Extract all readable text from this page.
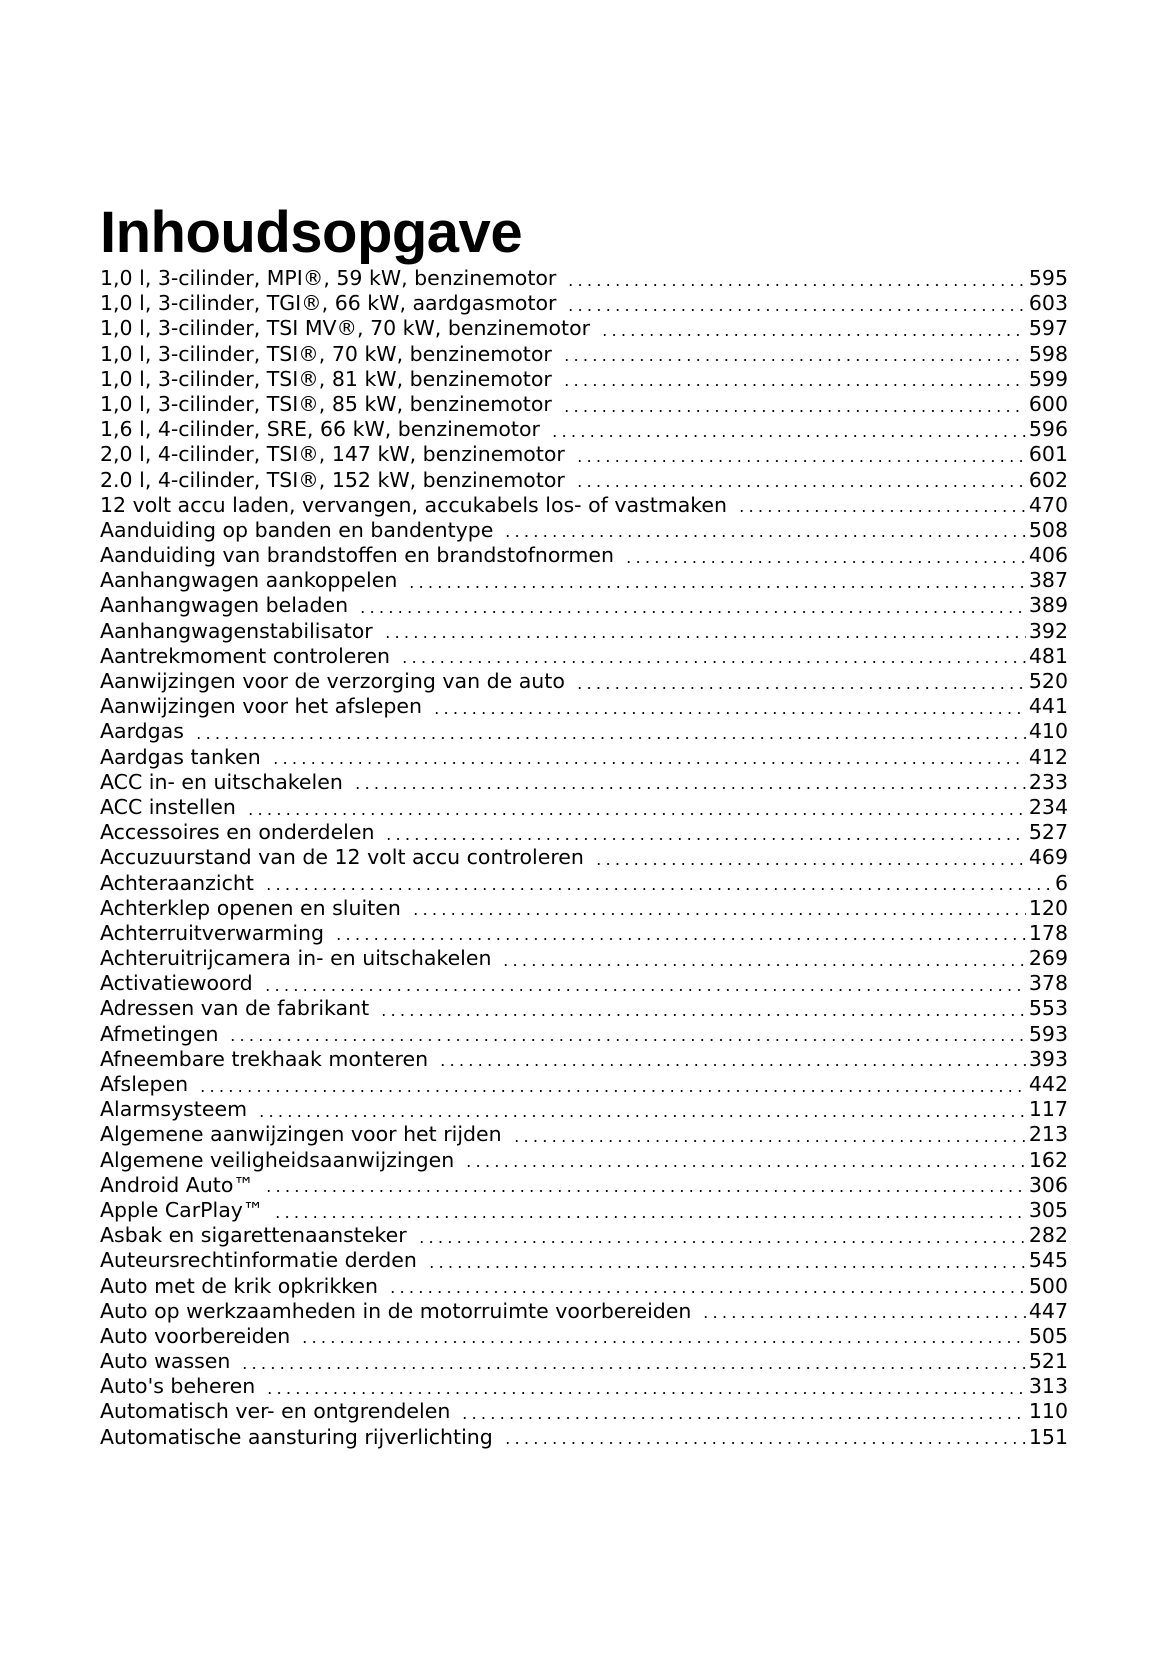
Inhoudsopgave
1,0 l, 3-cilinder, MPI®, 59 kW, benzinemotor	595
1,0 l, 3-cilinder, TGI®, 66 kW, aardgasmotor	603
1,0 l, 3-cilinder, TSI MV®, 70 kW, benzinemotor	597
1,0 l, 3-cilinder, TSI®, 70 kW, benzinemotor	598
1,0 l, 3-cilinder, TSI®, 81 kW, benzinemotor	599
1,0 l, 3-cilinder, TSI®, 85 kW, benzinemotor	600
1,6 l, 4-cilinder, SRE, 66 kW, benzinemotor	596
2,0 l, 4-cilinder, TSI®, 147 kW, benzinemotor	601
2.0 l, 4-cilinder, TSI®, 152 kW, benzinemotor	602
12 volt accu laden, vervangen, accukabels los- of vastmaken	470
Aanduiding op banden en bandentype	508
Aanduiding van brandstoffen en brandstofnormen	406
Aanhangwagen aankoppelen	387
Aanhangwagen beladen	389
Aanhangwagenstabilisator	392
Aantrekmoment controleren	481
Aanwijzingen voor de verzorging van de auto	520
Aanwijzingen voor het afslepen	441
Aardgas	410
Aardgas tanken	412
ACC in- en uitschakelen	233
ACC instellen	234
Accessoires en onderdelen	527
Accuzuurstand van de 12 volt accu controleren	469
Achteraanzicht	6
Achterklep openen en sluiten	120
Achterruitverwarming	178
Achteruitrijcamera in- en uitschakelen	269
Activatiewoord	378
Adressen van de fabrikant	553
Afmetingen	593
Afneembare trekhaak monteren	393
Afslepen	442
Alarmsysteem	117
Algemene aanwijzingen voor het rijden	213
Algemene veiligheidsaanwijzingen	162
Android Auto™	306
Apple CarPlay™	305
Asbak en sigarettenaansteker	282
Auteursrechtinformatie derden	545
Auto met de krik opkrikken	500
Auto op werkzaamheden in de motorruimte voorbereiden	447
Auto voorbereiden	505
Auto wassen	521
Auto's beheren	313
Automatisch ver- en ontgrendelen	110
Automatische aansturing rijverlichting	151
